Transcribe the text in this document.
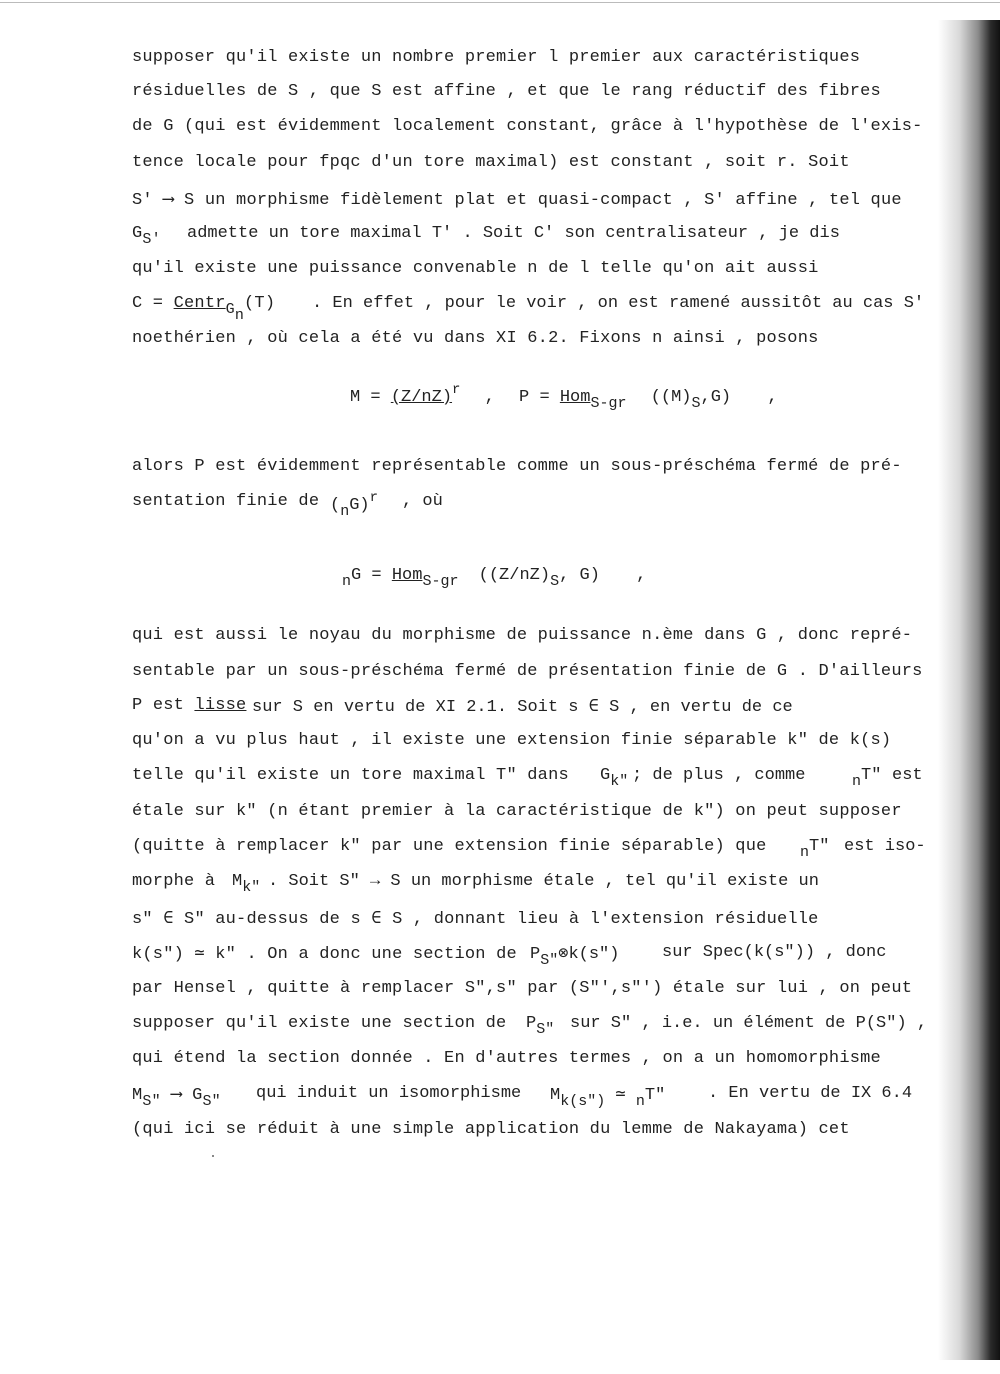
supposer qu'il existe un nombre premier l premier aux caractéristiques
résiduelles de S , que S est affine , et que le rang réductif des fibres
de G (qui est évidemment localement constant, grâce à l'hypothèse de l'exis-
tence locale pour fpqc d'un tore maximal) est constant , soit r. Soit
S' ⟶ S un morphisme fidèlement plat et quasi-compact , S' affine , tel que
$G_{S'}$ admette un tore maximal T' . Soit C' son centralisateur , je dis
qu'il existe une puissance convenable n de l telle qu'on ait aussi
C = Centr$_{G_n}$(T) . En effet , pour le voir , on est ramené aussitôt au cas S'
noethérien , où cela a été vu dans XI 6.2. Fixons n ainsi , posons
$M = (Z/nZ)^r$ , P = Hom$_{S-gr}$ $((M)_S,G)$ ,
alors P est évidemment représentable comme un sous-préschéma fermé de pré-
sentation finie de $(_nG)^r$ , où
$_n$G = Hom$_{S-gr}$ ($(Z/nZ)_S$, G) ,
qui est aussi le noyau du morphisme de puissance n.ème dans G , donc repré-
sentable par un sous-préschéma fermé de présentation finie de G . D'ailleurs
P est lisse sur S en vertu de XI 2.1. Soit s ∈ S , en vertu de ce
qu'on a vu plus haut , il existe une extension finie séparable k" de k(s)
telle qu'il existe un tore maximal T" dans $G_{k"}$ ; de plus , comme	$_n$T" est
étale sur k" (n étant premier à la caractéristique de k") on peut supposer
(quitte à remplacer k" par une extension finie séparable) que $_n$T" est iso-
morphe à $M_{k"}$ . Soit S" → S un morphisme étale , tel qu'il existe un
s" ∈ S" au-dessus de s ∈ S , donnant lieu à l'extension résiduelle
k(s") ≃ k" . On a donc une section de $P_{S"}\otimes k(s")$	sur Spec(k(s")) , donc
par Hensel , quitte à remplacer S",s" par (S"',s"') étale sur lui , on peut
supposer qu'il existe une section de $P_{S"}$ sur S" , i.e. un élément de P(S") ,
qui étend la section donnée . En d'autres termes , on a un homomorphisme
$M_{S"}$ ⟶ $G_{S"}$ qui induit un isomorphisme $M_{k(s")}$ ≃ $_n$T"	. En vertu de IX 6.4
(qui ici se réduit à une simple application du lemme de Nakayama) cet
